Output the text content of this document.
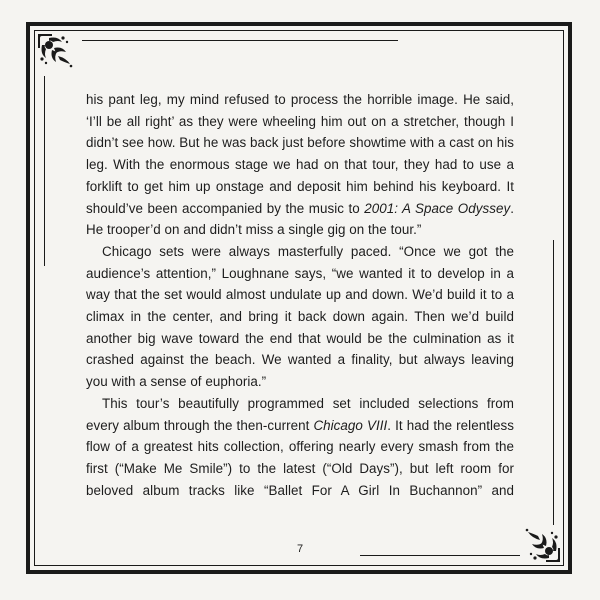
his pant leg, my mind refused to process the horrible image. He said, ‘I’ll be all right’ as they were wheeling him out on a stretcher, though I didn’t see how. But he was back just before showtime with a cast on his leg. With the enormous stage we had on that tour, they had to use a forklift to get him up onstage and deposit him behind his keyboard. It should’ve been accompanied by the music to 2001: A Space Odyssey. He trooper’d on and didn’t miss a single gig on the tour.”

Chicago sets were always masterfully paced. “Once we got the audience’s attention,” Loughnane says, “we wanted it to develop in a way that the set would almost undulate up and down. We’d build it to a climax in the center, and bring it back down again. Then we’d build another big wave toward the end that would be the culmination as it crashed against the beach. We wanted a finality, but always leaving you with a sense of euphoria.”

This tour’s beautifully programmed set included selections from every album through the then-current Chicago VIII. It had the relentless flow of a greatest hits collection, offering nearly every smash from the first (“Make Me Smile”) to the latest (“Old Days”), but left room for beloved album tracks like “Ballet For A Girl In Buchannon” and

7
